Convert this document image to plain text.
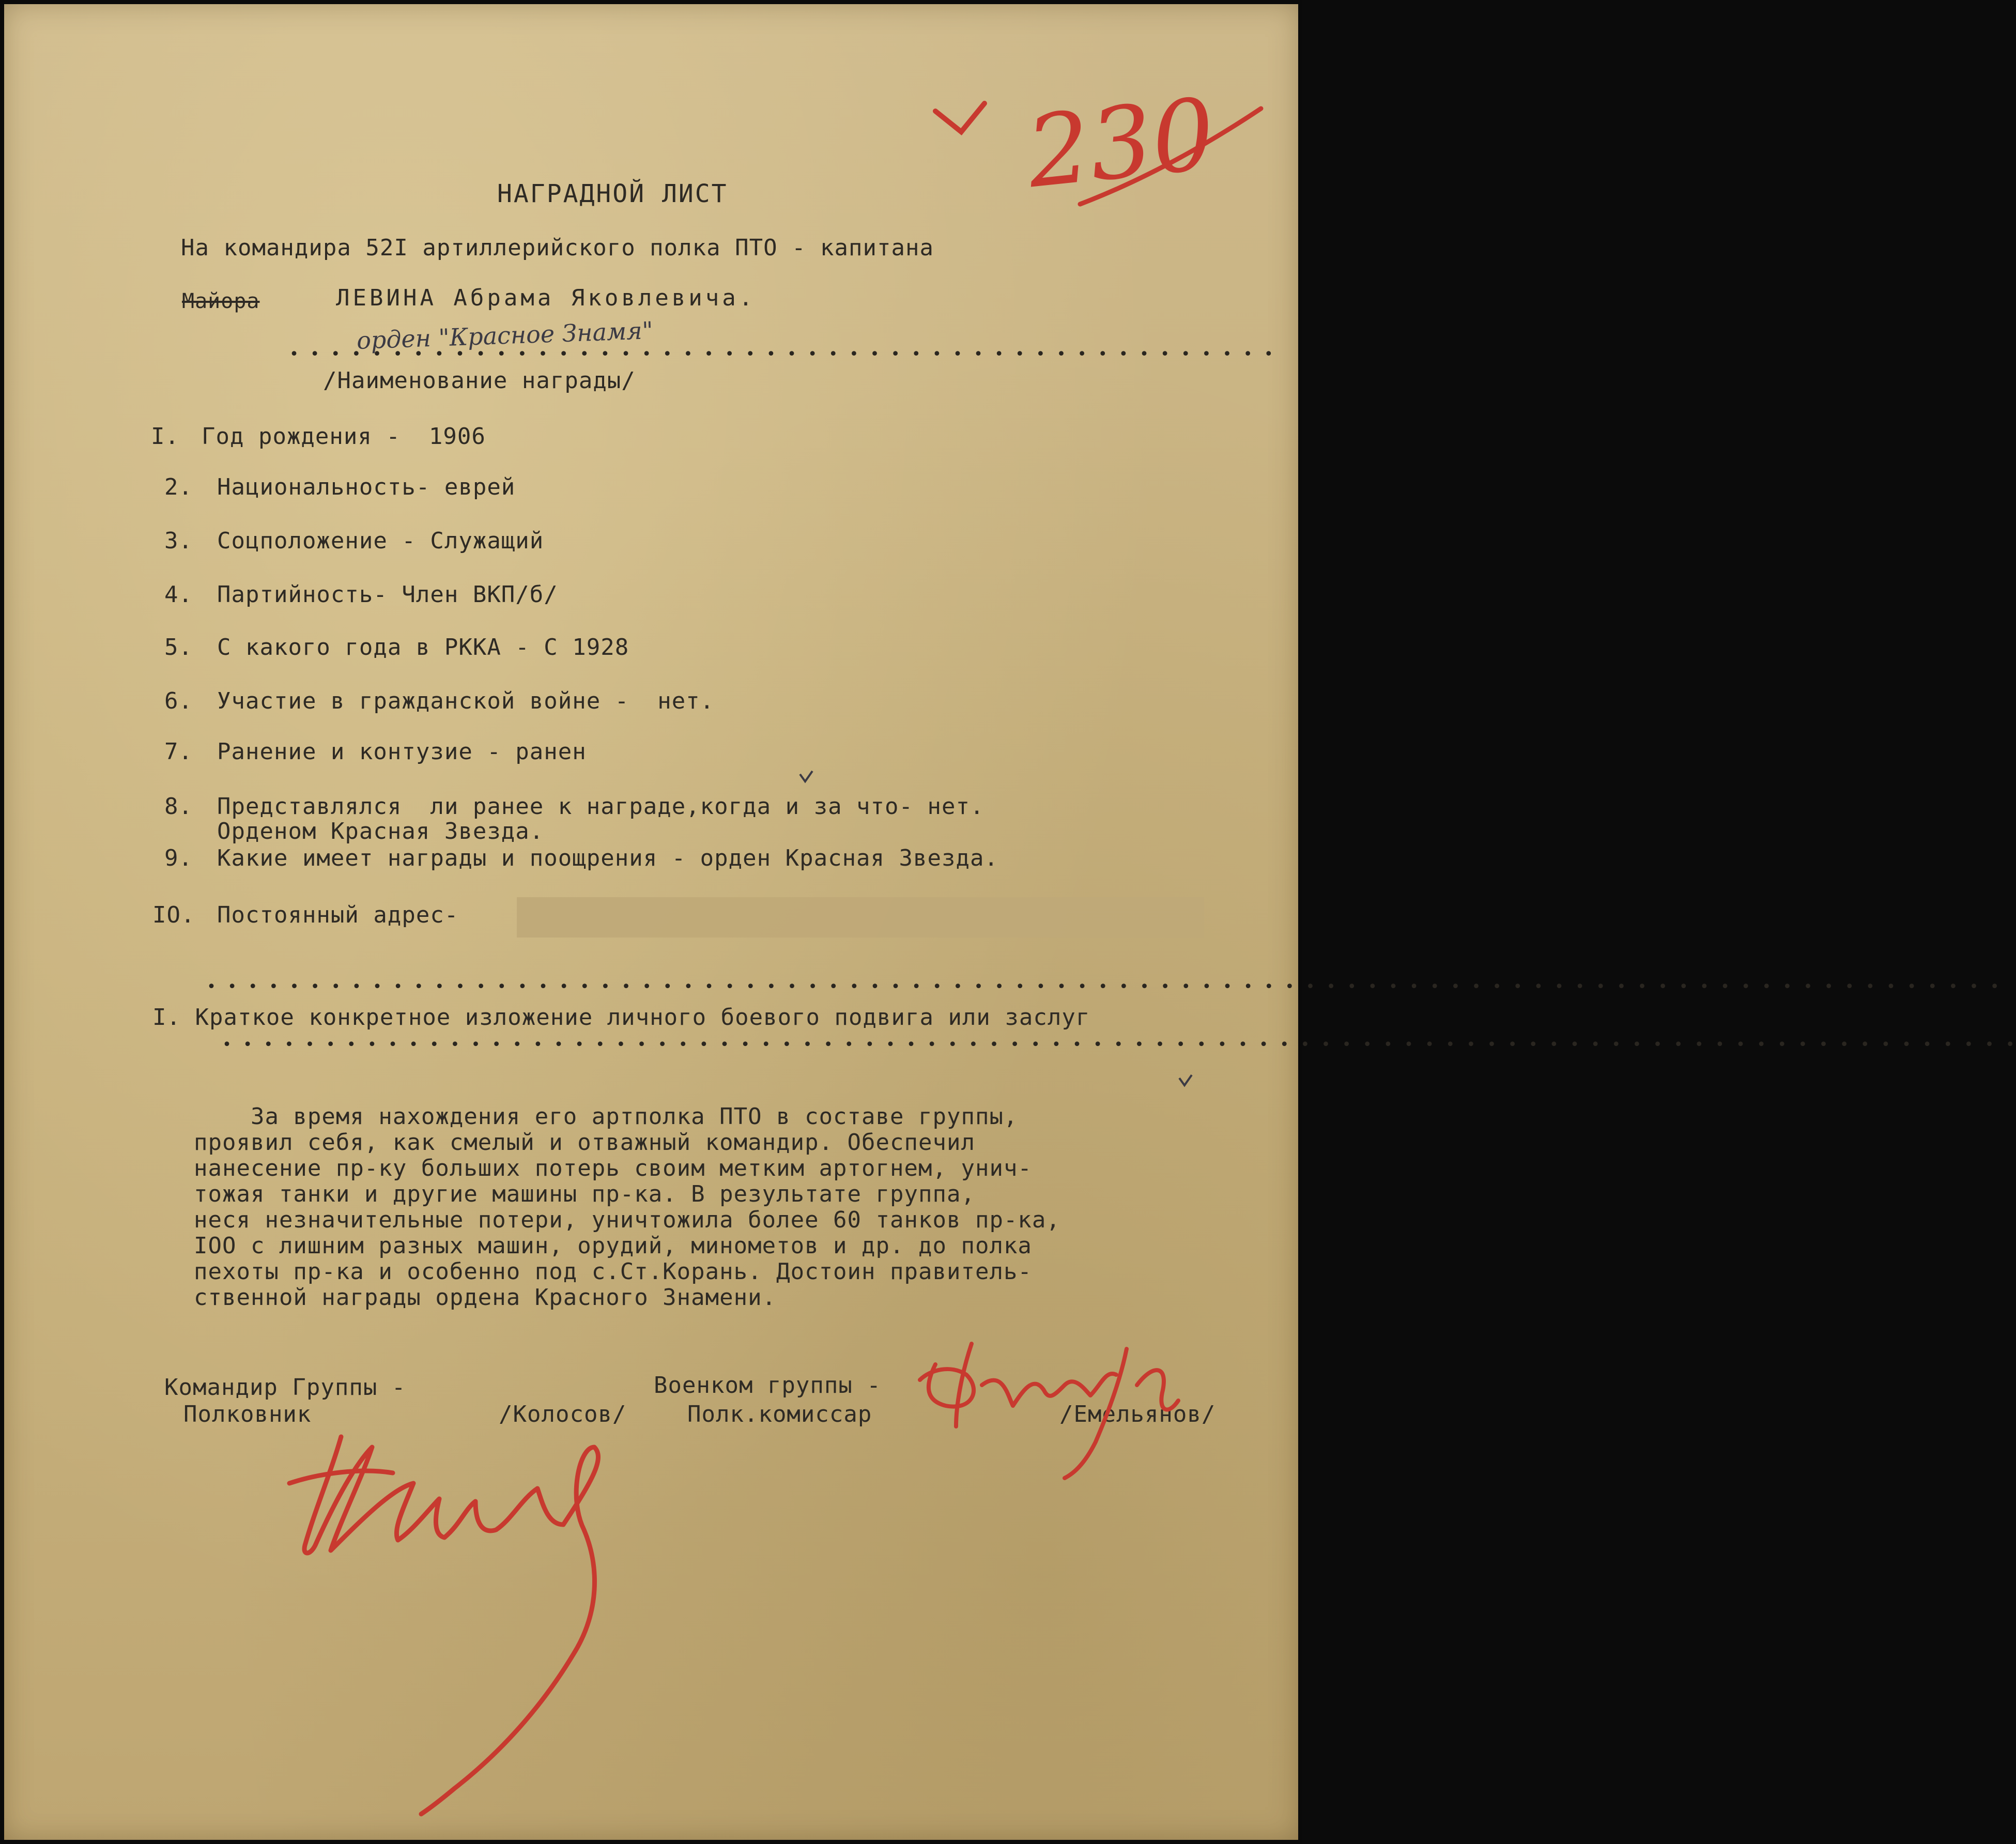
НАГРАДНОЙ ЛИСТ

На командира 52I артиллерийского полка ПТО - капитана

Майора	ЛЕВИНА Абрама Яковлевича.

орден "Красное Знамя"

• • • • • • • • • • • • • • • • • • • • • • • • • • • • • • • • • • • • • • • • • • • • • • • •

/Наименование награды/

I. Год рождения -  1906

2. Национальность- еврей

3. Соцположение - Служащий

4. Партийность- Член ВКП/б/

5. С какого года в РККА - С 1928

6. Участие в гражданской войне -  нет.

7. Ранение и контузие - ранен

8. Представлялся  ли ранее к награде,когда и за что- нет.

Орденом Красная Звезда.

9. Какие имеет награды и поощрения - орден Красная Звезда.

IO. Постоянный адрес-

• • • • • • • • • • • • • • • • • • • • • • • • • • • • • • • • • • • • • • • • • • • • • • • • • • • • • • • • • • • • • • • • • • • • • • • • • • • • • • • • • • • • • • •

I. Краткое конкретное изложение личного боевого подвига или заслуг

• • • • • • • • • • • • • • • • • • • • • • • • • • • • • • • • • • • • • • • • • • • • • • • • • • • • • • • • • • • • • • • • • • • • • • • • • • • • • • • • • • • • • • •

За время нахождения его артполка ПТО в составе группы,

проявил себя, как смелый и отважный командир. Обеспечил

нанесение пр-ку больших потерь своим метким артогнем, унич-

тожая танки и другие машины пр-ка. В результате группа,

неся незначительные потери, уничтожила более 60 танков пр-ка,

IOO с лишним разных машин, орудий, минометов и др. до полка

пехоты пр-ка и особенно под с.Ст.Корань. Достоин правитель-

ственной награды ордена Красного Знамени.

Командир Группы -

Полковник	/Колосов/

Военком группы -

Полк.комиссар	/Емельянов/

230
